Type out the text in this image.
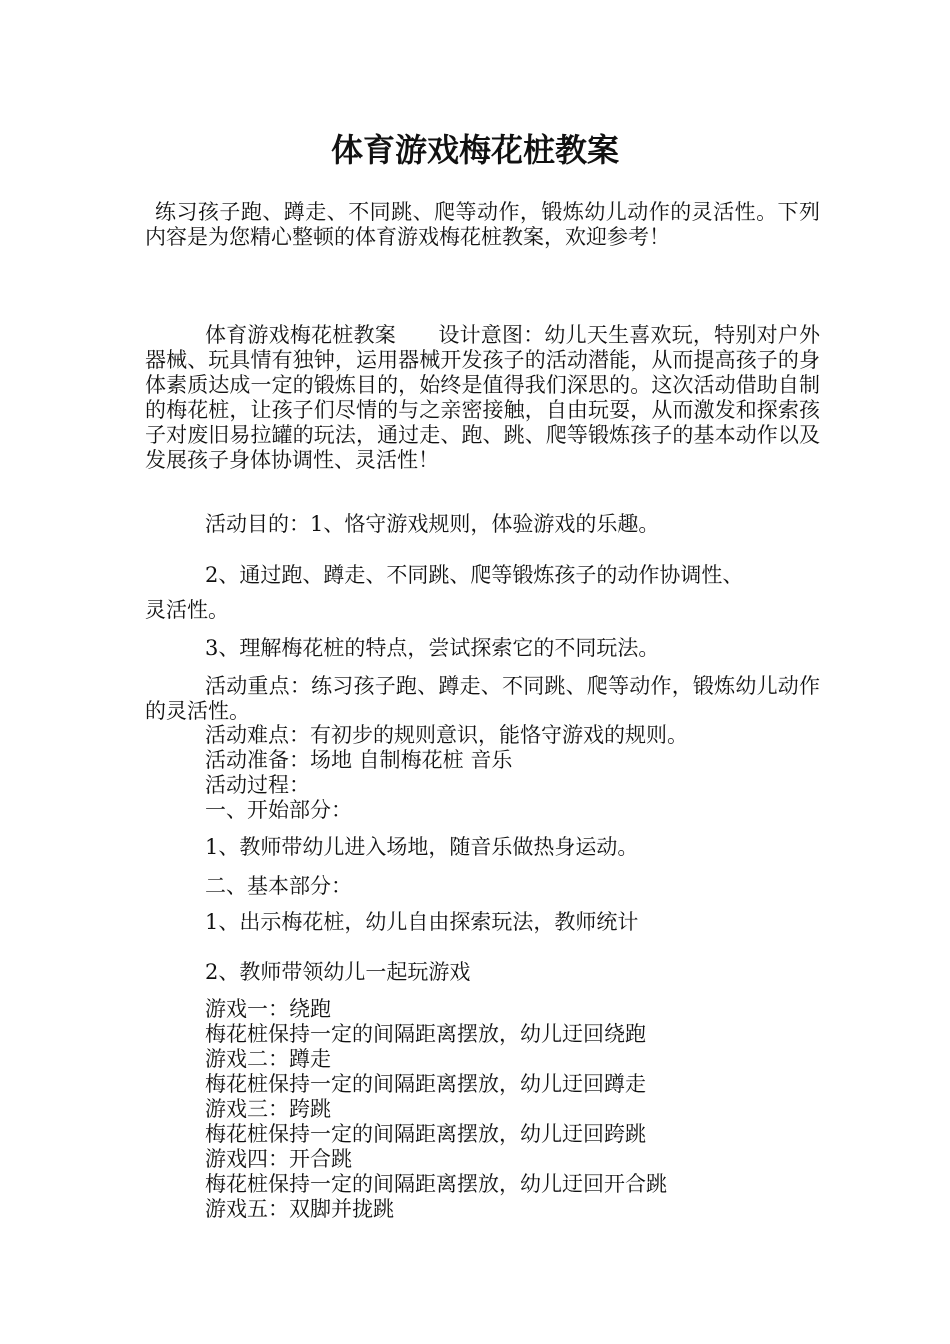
体育游戏梅花桩教案

练习孩子跑、蹲走、不同跳、爬等动作，锻炼幼儿动作的灵活性。下列内容是为您精心整顿的体育游戏梅花桩教案，欢迎参考！

体育游戏梅花桩教案　　设计意图：幼儿天生喜欢玩，特别对户外器械、玩具情有独钟，运用器械开发孩子的活动潜能，从而提高孩子的身体素质达成一定的锻炼目的，始终是值得我们深思的。这次活动借助自制的梅花桩，让孩子们尽情的与之亲密接触，自由玩耍，从而激发和探索孩子对废旧易拉罐的玩法，通过走、跑、跳、爬等锻炼孩子的基本动作以及发展孩子身体协调性、灵活性！

活动目的：1、恪守游戏规则，体验游戏的乐趣。

2、通过跑、蹲走、不同跳、爬等锻炼孩子的动作协调性、

灵活性。

3、理解梅花桩的特点，尝试探索它的不同玩法。

活动重点：练习孩子跑、蹲走、不同跳、爬等动作，锻炼幼儿动作的灵活性。

活动难点：有初步的规则意识，能恪守游戏的规则。

活动准备：场地 自制梅花桩 音乐

活动过程：

一、开始部分：

1、教师带幼儿进入场地，随音乐做热身运动。

二、基本部分：

1、出示梅花桩，幼儿自由探索玩法，教师统计

2、教师带领幼儿一起玩游戏

游戏一：绕跑

梅花桩保持一定的间隔距离摆放，幼儿迂回绕跑

游戏二：蹲走

梅花桩保持一定的间隔距离摆放，幼儿迂回蹲走

游戏三：跨跳

梅花桩保持一定的间隔距离摆放，幼儿迂回跨跳

游戏四：开合跳

梅花桩保持一定的间隔距离摆放，幼儿迂回开合跳

游戏五：双脚并拢跳
